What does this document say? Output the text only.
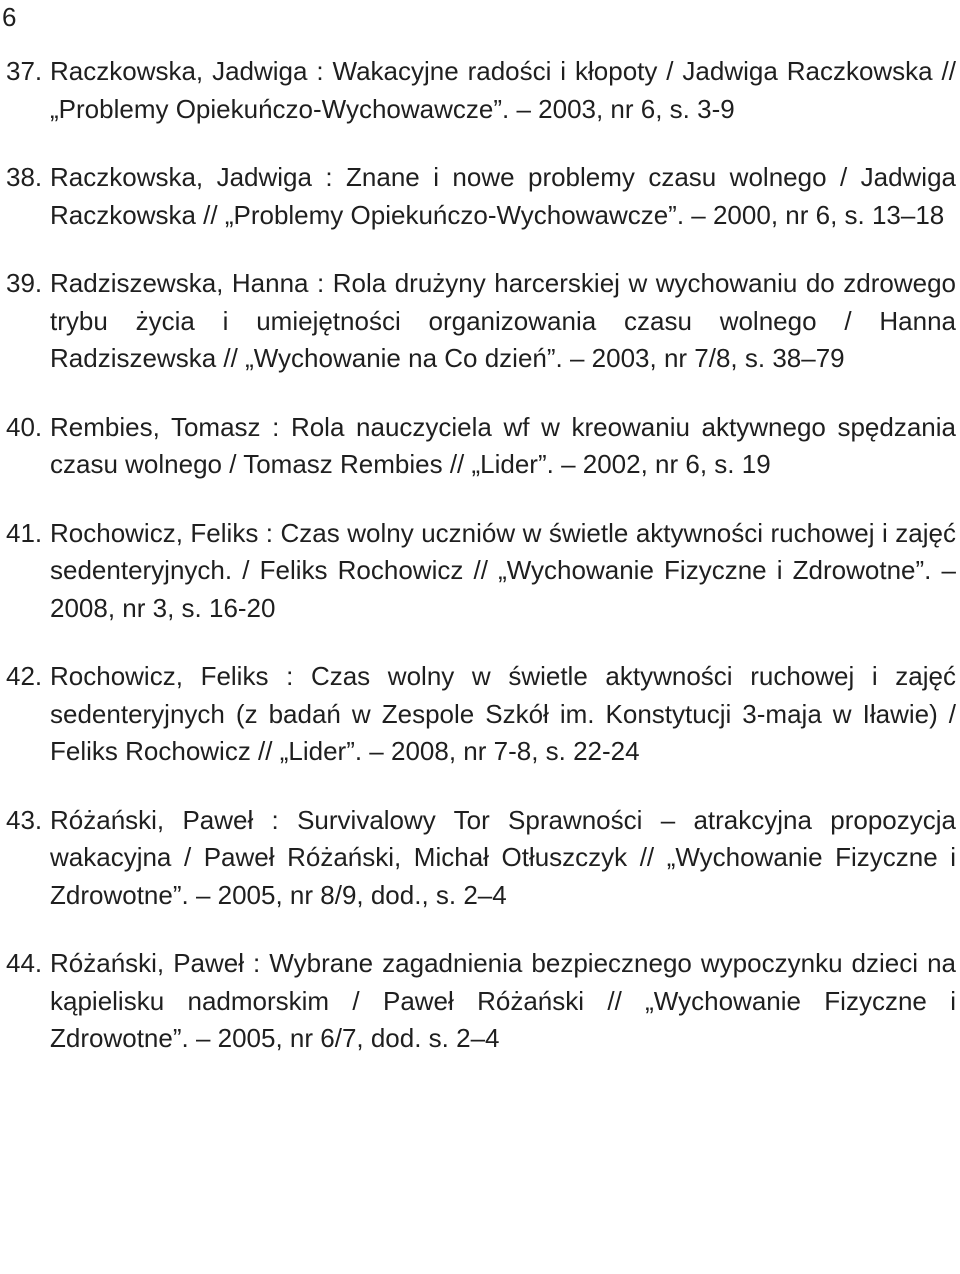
6
37. Raczkowska, Jadwiga : Wakacyjne radości i kłopoty / Jadwiga Raczkowska // „Problemy Opiekuńczo-Wychowawcze”. – 2003, nr 6, s. 3-9
38. Raczkowska, Jadwiga : Znane i nowe problemy czasu wolnego / Jadwiga Raczkowska // „Problemy Opiekuńczo-Wychowawcze”. – 2000, nr 6, s. 13–18
39. Radziszewska, Hanna : Rola drużyny harcerskiej w wychowaniu do zdrowego trybu życia i umiejętności organizowania czasu wolnego / Hanna Radziszewska // „Wychowanie na Co dzień”. – 2003, nr 7/8, s. 38–79
40. Rembies, Tomasz : Rola nauczyciela wf w kreowaniu aktywnego spędzania czasu wolnego / Tomasz Rembies // „Lider”. – 2002, nr 6, s. 19
41. Rochowicz, Feliks : Czas wolny uczniów w świetle aktywności ruchowej i zajęć sedenteryjnych. / Feliks Rochowicz // „Wychowanie Fizyczne i Zdrowotne”. – 2008, nr 3, s. 16-20
42. Rochowicz, Feliks : Czas wolny w świetle aktywności ruchowej i zajęć sedenteryjnych (z badań w Zespole Szkół im. Konstytucji 3-maja w Iławie) / Feliks Rochowicz // „Lider”. – 2008, nr 7-8, s. 22-24
43. Różański, Paweł : Survivalowy Tor Sprawności – atrakcyjna propozycja wakacyjna / Paweł Różański, Michał Otłuszczyk // „Wychowanie Fizyczne i Zdrowotne”. – 2005, nr 8/9, dod., s. 2–4
44. Różański, Paweł : Wybrane zagadnienia bezpiecznego wypoczynku dzieci na kąpielisku nadmorskim / Paweł Różański // „Wychowanie Fizyczne i Zdrowotne”. – 2005, nr 6/7, dod. s. 2–4
